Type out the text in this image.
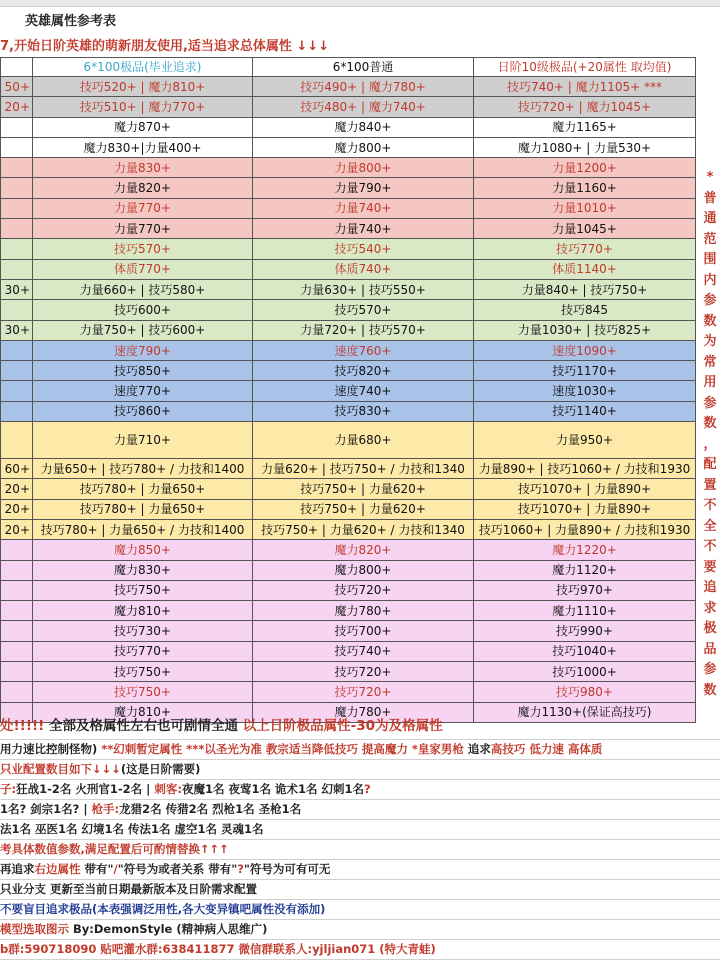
英雄属性参考表
7,开始日阶英雄的萌新朋友使用,适当追求总体属性 ↓↓↓
	6*100极品(毕业追求)	6*100普通	日阶10级极品(+20属性 取均值)
50+	技巧520+ | 魔力810+	技巧490+ | 魔力780+	技巧740+ | 魔力1105+ ***
20+	技巧510+ | 魔力770+	技巧480+ | 魔力740+	技巧720+ | 魔力1045+
	魔力870+	魔力840+	魔力1165+
	魔力830+|力量400+	魔力800+	魔力1080+ | 力量530+
	力量830+	力量800+	力量1200+
	力量820+	力量790+	力量1160+
	力量770+	力量740+	力量1010+
	力量770+	力量740+	力量1045+
	技巧570+	技巧540+	技巧770+
	体质770+	体质740+	体质1140+
30+	力量660+ | 技巧580+	力量630+ | 技巧550+	力量840+ | 技巧750+
	技巧600+	技巧570+	技巧845
30+	力量750+ | 技巧600+	力量720+ | 技巧570+	力量1030+ | 技巧825+
	速度790+	速度760+	速度1090+
	技巧850+	技巧820+	技巧1170+
	速度770+	速度740+	速度1030+
	技巧860+	技巧830+	技巧1140+
	力量710+	力量680+	力量950+
60+	力量650+ | 技巧780+ / 力技和1400	力量620+ | 技巧750+ / 力技和1340	力量890+ | 技巧1060+ / 力技和1930
20+	技巧780+ | 力量650+	技巧750+ | 力量620+	技巧1070+ | 力量890+
20+	技巧780+ | 力量650+	技巧750+ | 力量620+	技巧1070+ | 力量890+
20+	技巧780+ | 力量650+ / 力技和1400	技巧750+ | 力量620+ / 力技和1340	技巧1060+ | 力量890+ / 力技和1930
	魔力850+	魔力820+	魔力1220+
	魔力830+	魔力800+	魔力1120+
	技巧750+	技巧720+	技巧970+
	魔力810+	魔力780+	魔力1110+
	技巧730+	技巧700+	技巧990+
	技巧770+	技巧740+	技巧1040+
	技巧750+	技巧720+	技巧1000+
	技巧750+	技巧720+	技巧980+
	魔力810+	魔力780+	魔力1130+(保证高技巧)
*
普
通
范
围
内
参
数
为
常
用
参
数
，
配
置
不
全
不
要
追
求
极
品
参
数
处!!!!! 全部及格属性左右也可剧情全通 以上日阶极品属性-30为及格属性
用力速比控制怪物) **幻刺暂定属性 ***以圣光为准 教宗适当降低技巧 提高魔力 *皇家男枪 追求高技巧 低力速 高体质
只业配置数目如下↓↓↓(这是日阶需要)
子:狂战1-2名 火刑官1-2名 | 刺客:夜魔1名 夜莺1名 诡术1名 幻刺1名?
1名? 剑宗1名? | 枪手:龙猎2名 传猎2名 烈枪1名 圣枪1名
法1名 巫医1名 幻境1名 传法1名 虚空1名 灵魂1名
考具体数值参数,满足配置后可酌情替换↑↑↑
再追求右边属性 带有"/"符号为或者关系 带有"?"符号为可有可无
只业分支 更新至当前日期最新版本及日阶需求配置
不要盲目追求极品(本表强调泛用性,各大变异镇吧属性没有添加)
模型选取图示 By:DemonStyle (精神病人思维广)
b群:590718090 贴吧灌水群:638411877 微信群联系人:yjljian071 (特大青蛙)
